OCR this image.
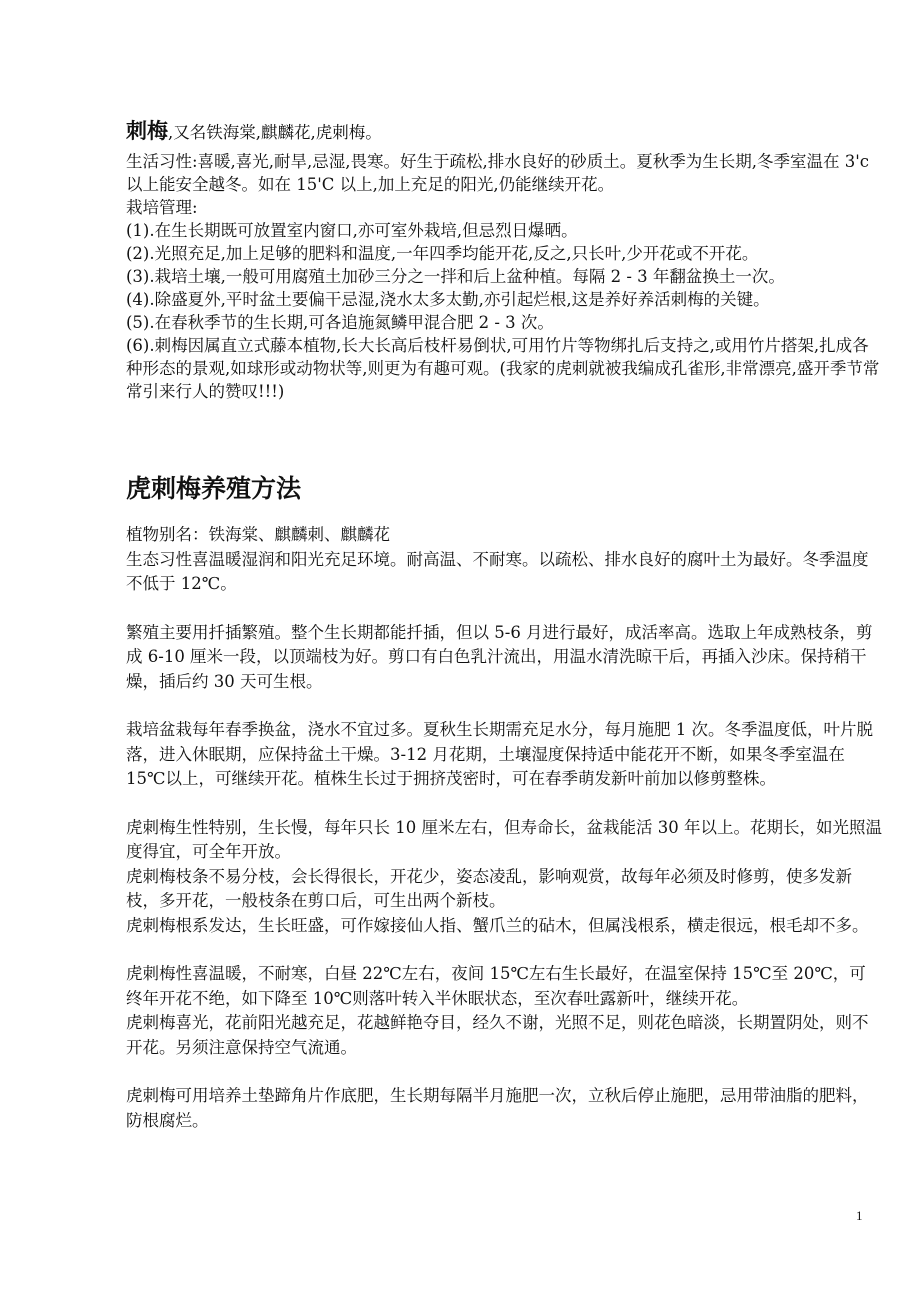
刺梅,又名铁海棠,麒麟花,虎刺梅。

生活习性:喜暖,喜光,耐旱,忌湿,畏寒。好生于疏松,排水良好的砂质土。夏秋季为生长期,冬季室温在 3'c 以上能安全越冬。如在 15'C 以上,加上充足的阳光,仍能继续开花。

栽培管理:

(1).在生长期既可放置室内窗口,亦可室外栽培,但忌烈日爆晒。

(2).光照充足,加上足够的肥料和温度,一年四季均能开花,反之,只长叶,少开花或不开花。

(3).栽培土壤,一般可用腐殖土加砂三分之一拌和后上盆种植。每隔 2 - 3 年翻盆换土一次。

(4).除盛夏外,平时盆土要偏干忌湿,浇水太多太勤,亦引起烂根,这是养好养活刺梅的关键。

(5).在春秋季节的生长期,可各追施氮鳞甲混合肥 2 - 3 次。

(6).刺梅因属直立式藤本植物,长大长高后枝杆易倒状,可用竹片等物绑扎后支持之,或用竹片搭架,扎成各种形态的景观,如球形或动物状等,则更为有趣可观。(我家的虎刺就被我编成孔雀形,非常漂亮,盛开季节常常引来行人的赞叹!!!)

虎刺梅养殖方法

植物别名：铁海棠、麒麟刺、麒麟花

生态习性喜温暖湿润和阳光充足环境。耐高温、不耐寒。以疏松、排水良好的腐叶土为最好。冬季温度不低于 12℃。

繁殖主要用扦插繁殖。整个生长期都能扦插，但以 5-6 月进行最好，成活率高。选取上年成熟枝条，剪成 6-10 厘米一段，以顶端枝为好。剪口有白色乳汁流出，用温水清洗晾干后，再插入沙床。保持稍干燥，插后约 30 天可生根。

栽培盆栽每年春季换盆，浇水不宜过多。夏秋生长期需充足水分，每月施肥 1 次。冬季温度低，叶片脱落，进入休眠期，应保持盆土干燥。3-12 月花期，土壤湿度保持适中能花开不断，如果冬季室温在 15℃以上，可继续开花。植株生长过于拥挤茂密时，可在春季萌发新叶前加以修剪整株。

虎刺梅生性特别，生长慢，每年只长 10 厘米左右，但寿命长，盆栽能活 30 年以上。花期长，如光照温度得宜，可全年开放。

虎刺梅枝条不易分枝，会长得很长，开花少，姿态凌乱，影响观赏，故每年必须及时修剪，使多发新枝，多开花，一般枝条在剪口后，可生出两个新枝。

虎刺梅根系发达，生长旺盛，可作嫁接仙人指、蟹爪兰的砧木，但属浅根系，横走很远，根毛却不多。

虎刺梅性喜温暖，不耐寒，白昼 22℃左右，夜间 15℃左右生长最好，在温室保持 15℃至 20℃，可终年开花不绝，如下降至 10℃则落叶转入半休眠状态，至次春吐露新叶，继续开花。

虎刺梅喜光，花前阳光越充足，花越鲜艳夺目，经久不谢，光照不足，则花色暗淡，长期置阴处，则不开花。另须注意保持空气流通。

虎刺梅可用培养土垫蹄角片作底肥，生长期每隔半月施肥一次，立秋后停止施肥，忌用带油脂的肥料，防根腐烂。

1
